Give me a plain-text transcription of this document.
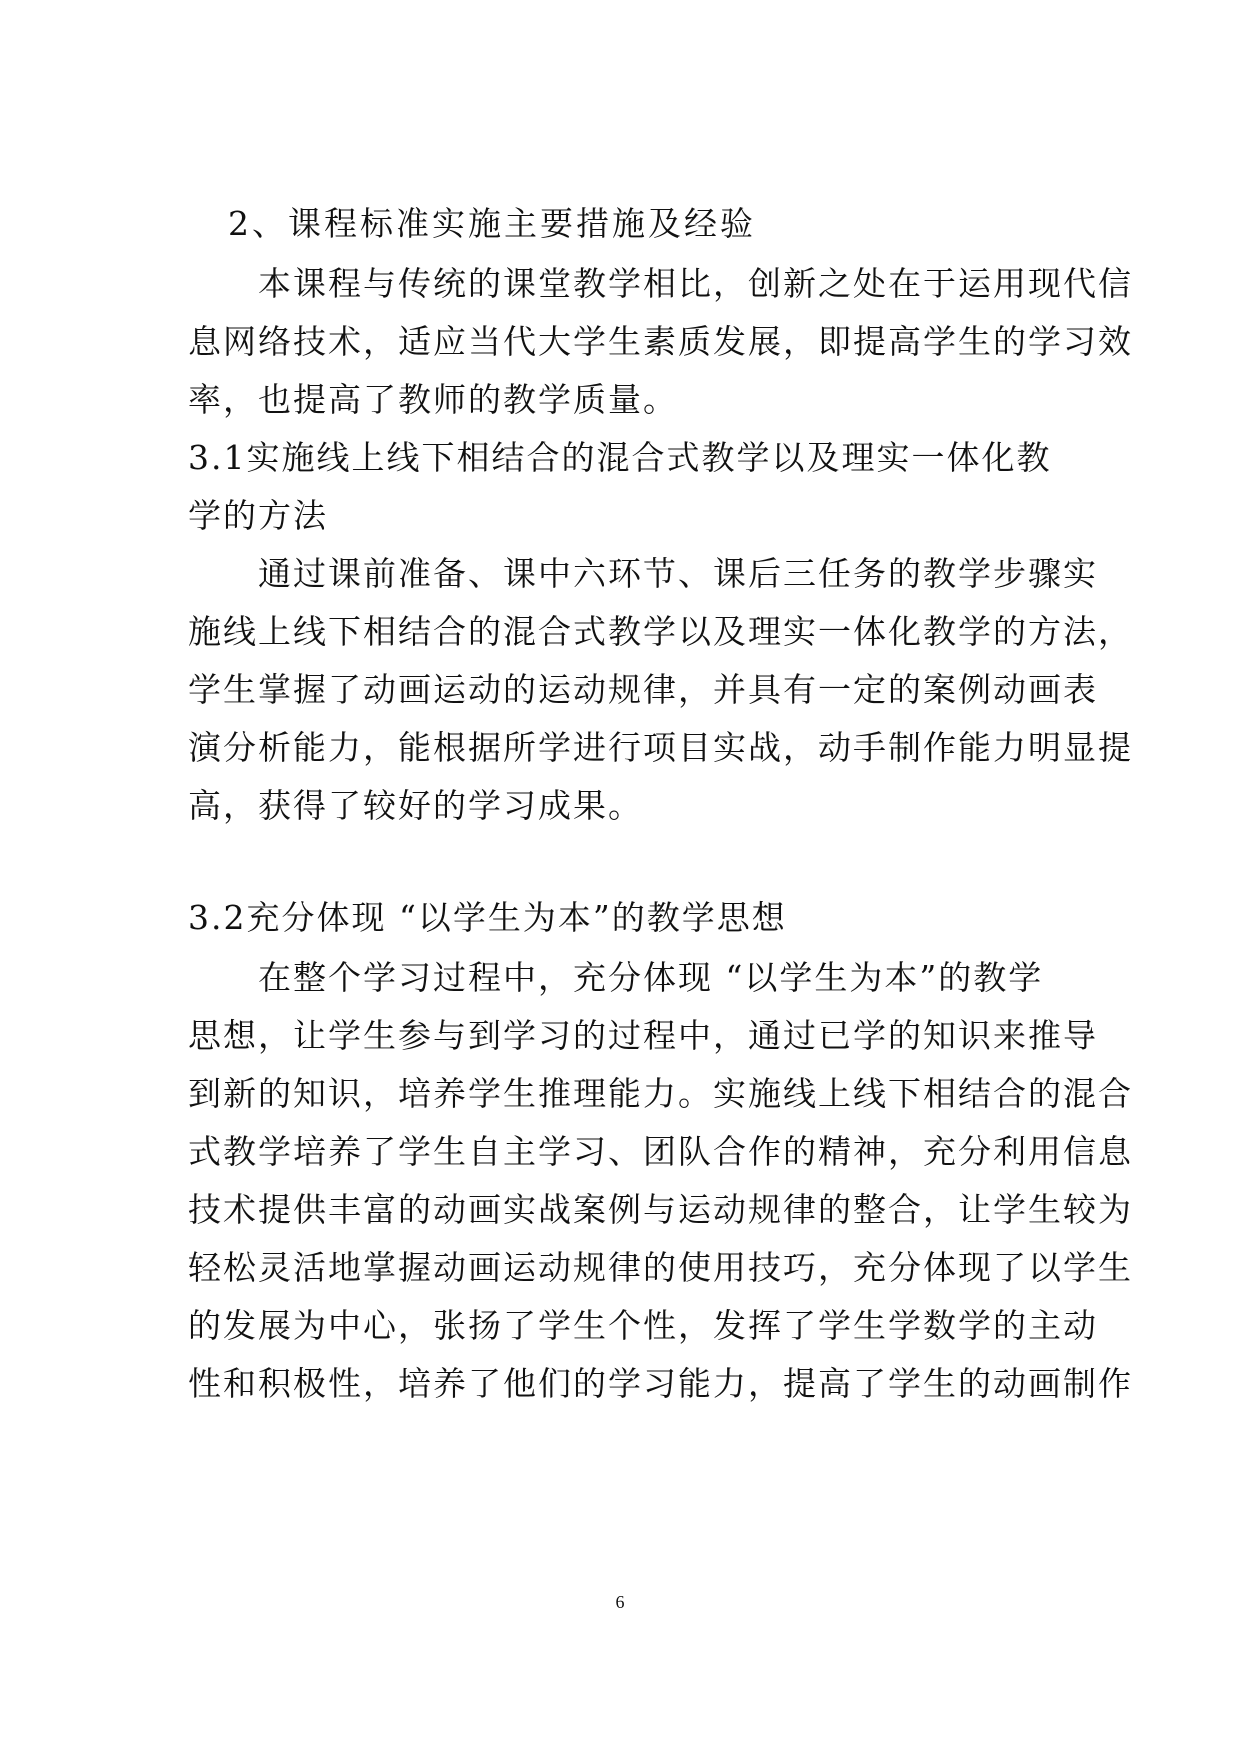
2、课程标准实施主要措施及经验
本课程与传统的课堂教学相比，创新之处在于运用现代信
息网络技术，适应当代大学生素质发展，即提高学生的学习效
率，也提高了教师的教学质量。
3.1实施线上线下相结合的混合式教学以及理实一体化教
学的方法
通过课前准备、课中六环节、课后三任务的教学步骤实
施线上线下相结合的混合式教学以及理实一体化教学的方法，
学生掌握了动画运动的运动规律，并具有一定的案例动画表
演分析能力，能根据所学进行项目实战，动手制作能力明显提
高，获得了较好的学习成果。
3.2充分体现 “以学生为本”的教学思想
在整个学习过程中，充分体现 “以学生为本”的教学
思想，让学生参与到学习的过程中，通过已学的知识来推导
到新的知识，培养学生推理能力。实施线上线下相结合的混合
式教学培养了学生自主学习、团队合作的精神，充分利用信息
技术提供丰富的动画实战案例与运动规律的整合，让学生较为
轻松灵活地掌握动画运动规律的使用技巧，充分体现了以学生
的发展为中心，张扬了学生个性，发挥了学生学数学的主动
性和积极性，培养了他们的学习能力，提高了学生的动画制作
6
